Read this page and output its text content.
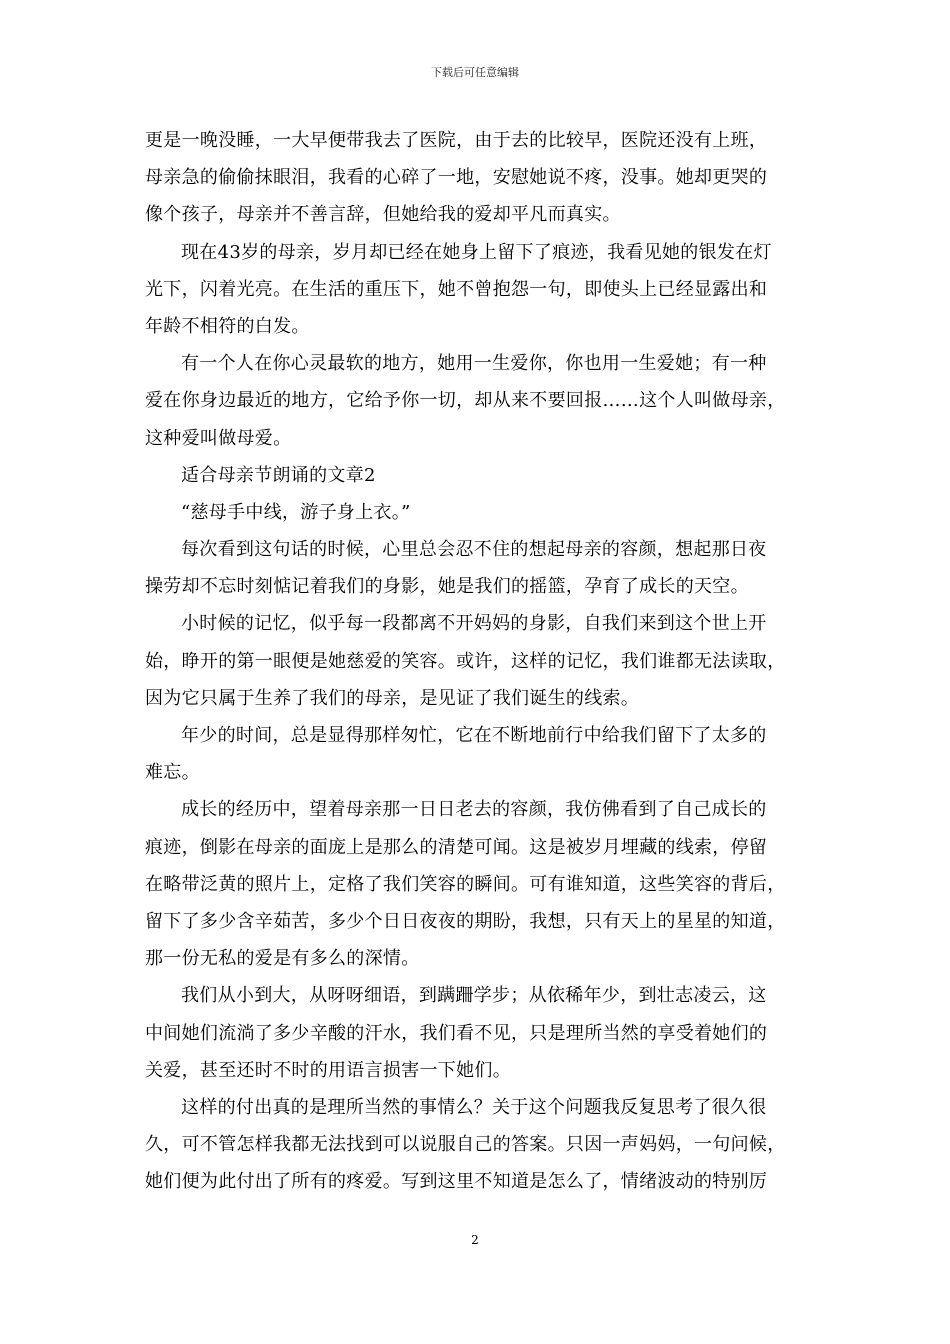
下载后可任意编辑
更是一晚没睡，一大早便带我去了医院，由于去的比较早，医院还没有上班，
母亲急的偷偷抹眼泪，我看的心碎了一地，安慰她说不疼，没事。她却更哭的
像个孩子，母亲并不善言辞，但她给我的爱却平凡而真实。
现在43岁的母亲，岁月却已经在她身上留下了痕迹，我看见她的银发在灯
光下，闪着光亮。在生活的重压下，她不曾抱怨一句，即使头上已经显露出和
年龄不相符的白发。
有一个人在你心灵最软的地方，她用一生爱你，你也用一生爱她；有一种
爱在你身边最近的地方，它给予你一切，却从来不要回报……这个人叫做母亲，
这种爱叫做母爱。
适合母亲节朗诵的文章2
“慈母手中线，游子身上衣。”
每次看到这句话的时候，心里总会忍不住的想起母亲的容颜，想起那日夜
操劳却不忘时刻惦记着我们的身影，她是我们的摇篮，孕育了成长的天空。
小时候的记忆，似乎每一段都离不开妈妈的身影，自我们来到这个世上开
始，睁开的第一眼便是她慈爱的笑容。或许，这样的记忆，我们谁都无法读取，
因为它只属于生养了我们的母亲，是见证了我们诞生的线索。
年少的时间，总是显得那样匆忙，它在不断地前行中给我们留下了太多的
难忘。
成长的经历中，望着母亲那一日日老去的容颜，我仿佛看到了自己成长的
痕迹，倒影在母亲的面庞上是那么的清楚可闻。这是被岁月埋藏的线索，停留
在略带泛黄的照片上，定格了我们笑容的瞬间。可有谁知道，这些笑容的背后，
留下了多少含辛茹苦，多少个日日夜夜的期盼，我想，只有天上的星星的知道，
那一份无私的爱是有多么的深情。
我们从小到大，从呀呀细语，到蹒跚学步；从依稀年少，到壮志凌云，这
中间她们流淌了多少辛酸的汗水，我们看不见，只是理所当然的享受着她们的
关爱，甚至还时不时的用语言损害一下她们。
这样的付出真的是理所当然的事情么？关于这个问题我反复思考了很久很
久，可不管怎样我都无法找到可以说服自己的答案。只因一声妈妈，一句问候，
她们便为此付出了所有的疼爱。写到这里不知道是怎么了，情绪波动的特别厉
2
